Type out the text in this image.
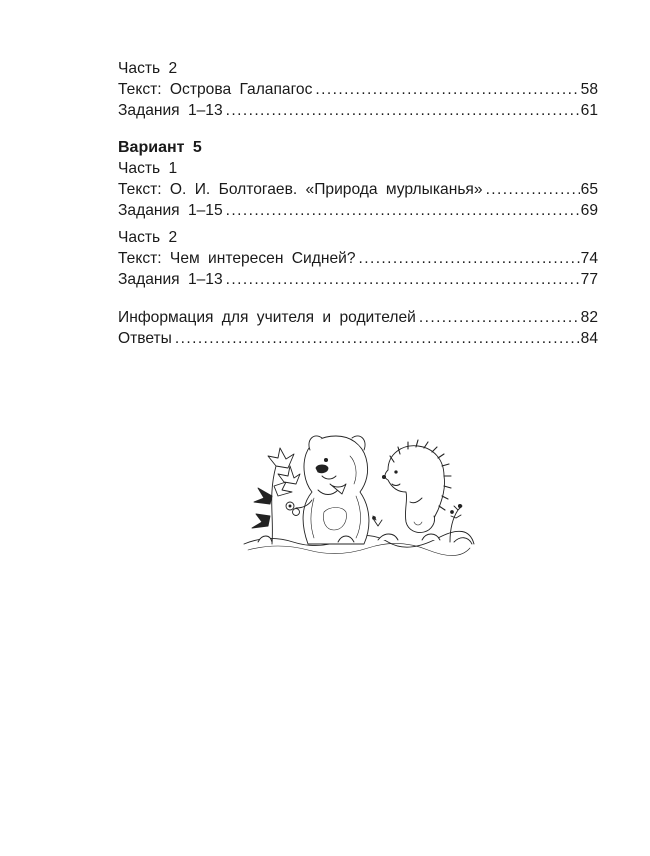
Часть 2
Текст: Острова Галапагос .....	58
Задания 1–13 .....	61
Вариант 5
Часть 1
Текст: О. И. Болтогаев. «Природа мурлыканья» .....	65
Задания 1–15 .....	69
Часть 2
Текст: Чем интересен Сидней? .....	74
Задания 1–13 .....	77
Информация для учителя и родителей .....	82
Ответы .....	84
